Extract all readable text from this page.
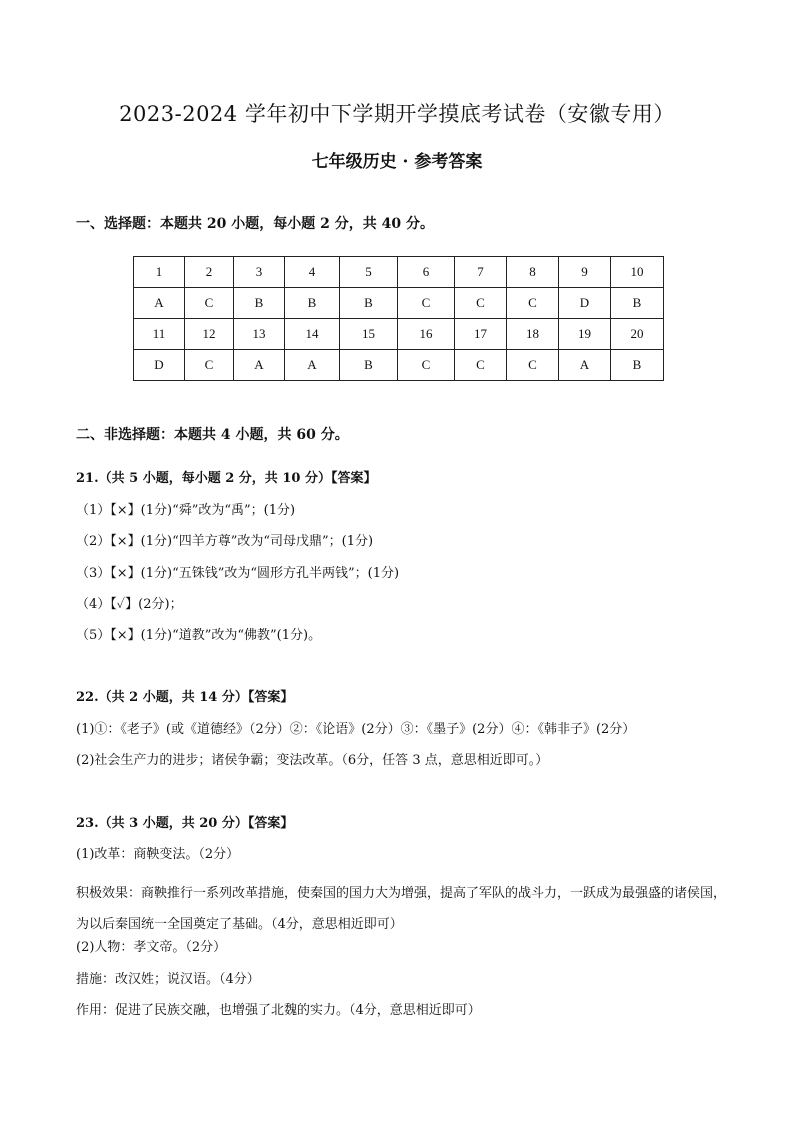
2023-2024 学年初中下学期开学摸底考试卷（安徽专用）
七年级历史 · 参考答案
一、选择题：本题共 20 小题，每小题 2 分，共 40 分。
1	2	3	4	5	6	7	8	9	10
A	C	B	B	B	C	C	C	D	B
11	12	13	14	15	16	17	18	19	20
D	C	A	A	B	C	C	C	A	B
二、非选择题：本题共 4 小题，共 60 分。
21.（共 5 小题，每小题 2 分，共 10 分）【答案】
（1）【×】(1分)“舜”改为“禹”；(1分)
（2）【×】(1分)“四羊方尊”改为“司母戊鼎”；(1分)
（3）【×】(1分)“五铢钱”改为“圆形方孔半两钱”；(1分)
（4）【✓】(2分)；
（5）【×】(1分)“道教”改为“佛教”(1分)。
22.（共 2 小题，共 14 分）【答案】
(1)①：《老子》(或《道德经》（2分）②：《论语》(2分）③：《墨子》(2分）④：《韩非子》(2分）
(2)社会生产力的进步；诸侯争霸；变法改革。（6分，任答 3 点，意思相近即可。）
23.（共 3 小题，共 20 分）【答案】
(1)改革：商鞅变法。（2分）
积极效果：商鞅推行一系列改革措施，使秦国的国力大为增强，提高了军队的战斗力，一跃成为最强盛的诸侯国，为以后秦国统一全国奠定了基础。（4分，意思相近即可）
(2)人物：孝文帝。（2分）
措施：改汉姓；说汉语。（4分）
作用：促进了民族交融，也增强了北魏的实力。（4分，意思相近即可）
